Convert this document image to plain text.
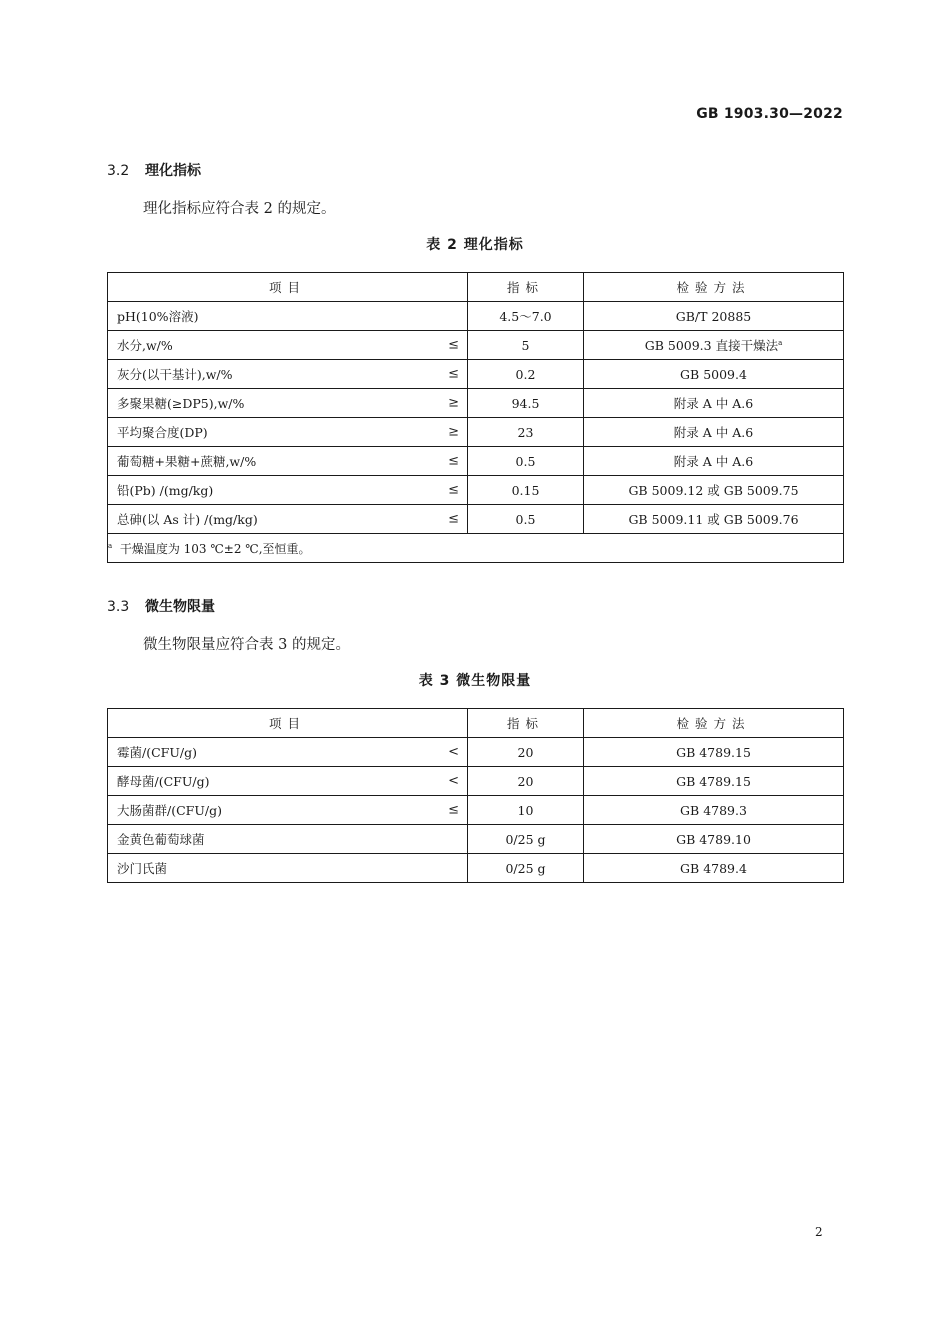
GB 1903.30—2022
3.2 理化指标
理化指标应符合表 2 的规定。
表 2 理化指标
项目	指标	检验方法
pH(10%溶液)	4.5～7.0	GB/T 20885
水分,w/% ≤	5	GB 5009.3 直接干燥法$^a$
灰分(以干基计),w/% ≤	0.2	GB 5009.4
多聚果糖(≥DP5),w/% ≥	94.5	附录 A 中 A.6
平均聚合度(DP) ≥	23	附录 A 中 A.6
葡萄糖+果糖+蔗糖,w/% ≤	0.5	附录 A 中 A.6
铅(Pb) /(mg/kg) ≤	0.15	GB 5009.12 或 GB 5009.75
总砷(以 As 计) /(mg/kg) ≤	0.5	GB 5009.11 或 GB 5009.76
$^a$ 干燥温度为 103 ℃±2 ℃,至恒重。		
3.3 微生物限量
微生物限量应符合表 3 的规定。
表 3 微生物限量
项目	指标	检验方法
霉菌/(CFU/g) <	20	GB 4789.15
酵母菌/(CFU/g) <	20	GB 4789.15
大肠菌群/(CFU/g) ≤	10	GB 4789.3
金黄色葡萄球菌	0/25 g	GB 4789.10
沙门氏菌	0/25 g	GB 4789.4
2
